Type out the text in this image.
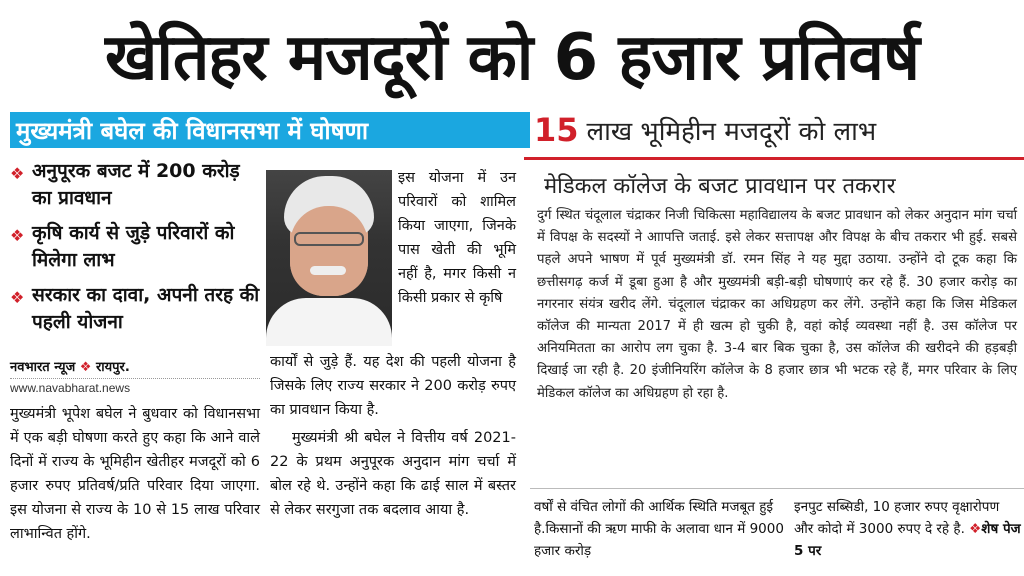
खेतिहर मजदूरों को 6 हजार प्रतिवर्ष
मुख्यमंत्री बघेल की विधानसभा में घोषणा	15 लाख भूमिहीन मजदूरों को लाभ
❖ अनुपूरक बजट में 200 करोड़ का प्रावधान
❖ कृषि कार्य से जुड़े परिवारों को मिलेगा लाभ
❖ सरकार का दावा, अपनी तरह की पहली योजना
नवभारत न्यूज ❖ रायपुर.
www.navabharat.news
मुख्यमंत्री भूपेश बघेल ने बुधवार को विधानसभा में एक बड़ी घोषणा करते हुए कहा कि आने वाले दिनों में राज्य के भूमिहीन खेतीहर मजदूरों को 6 हजार रुपए प्रतिवर्ष/प्रति परिवार दिया जाएगा. इस योजना से राज्य के 10 से 15 लाख परिवार लाभान्वित होंगे.
इस योजना में उन परिवारों को शामिल किया जाएगा, जिनके पास खेती की भूमि नहीं है, मगर किसी न किसी प्रकार से कृषि

कार्यों से जुड़े हैं. यह देश की पहली योजना है जिसके लिए राज्य सरकार ने 200 करोड़ रुपए का प्रावधान किया है.

मुख्यमंत्री श्री बघेल ने वित्तीय वर्ष 2021-22 के प्रथम अनुपूरक अनुदान मांग चर्चा में बोल रहे थे. उन्होंने कहा कि ढाई साल में बस्तर से लेकर सरगुजा तक बदलाव आया है.

मेडिकल कॉलेज के बजट प्रावधान पर तकरार
दुर्ग स्थित चंदूलाल चंद्राकर निजी चिकित्सा महाविद्यालय के बजट प्रावधान को लेकर अनुदान मांग चर्चा में विपक्ष के सदस्यों ने आापत्ति जताई. इसे लेकर सत्तापक्ष और विपक्ष के बीच तकरार भी हुई. सबसे पहले अपने भाषण में पूर्व मुख्यमंत्री डॉ. रमन सिंह ने यह मुद्दा उठाया. उन्होंने दो टूक कहा कि छत्तीसगढ़ कर्ज में डूबा हुआ है और मुख्यमंत्री बड़ी-बड़ी घोषणाएं कर रहे हैं. 30 हजार करोड़ का नगरनार संयंत्र खरीद लेंगे. चंदूलाल चंद्राकर का अधिग्रहण कर लेंगे. उन्होंने कहा कि जिस मेडिकल कॉलेज की मान्यता 2017 में ही खत्म हो चुकी है, वहां कोई व्यवस्था नहीं है. उस कॉलेज पर अनियमितता का आरोप लग चुका है. 3-4 बार बिक चुका है, उस कॉलेज की खरीदने की हड़बड़ी दिखाई जा रही है. 20 इंजीनियरिंग कॉलेज के 8 हजार छात्र भी भटक रहे हैं, मगर परिवार के लिए मेडिकल कॉलेज का अधिग्रहण हो रहा है.
वर्षों से वंचित लोगों की आर्थिक स्थिति मजबूत हुई है.किसानों की ऋण माफी के अलावा धान में 9000 हजार करोड़
इनपुट सब्सिडी, 10 हजार रुपए वृक्षारोपण और कोदो में 3000 रुपए दे रहे है. ❖शेष पेज 5 पर
